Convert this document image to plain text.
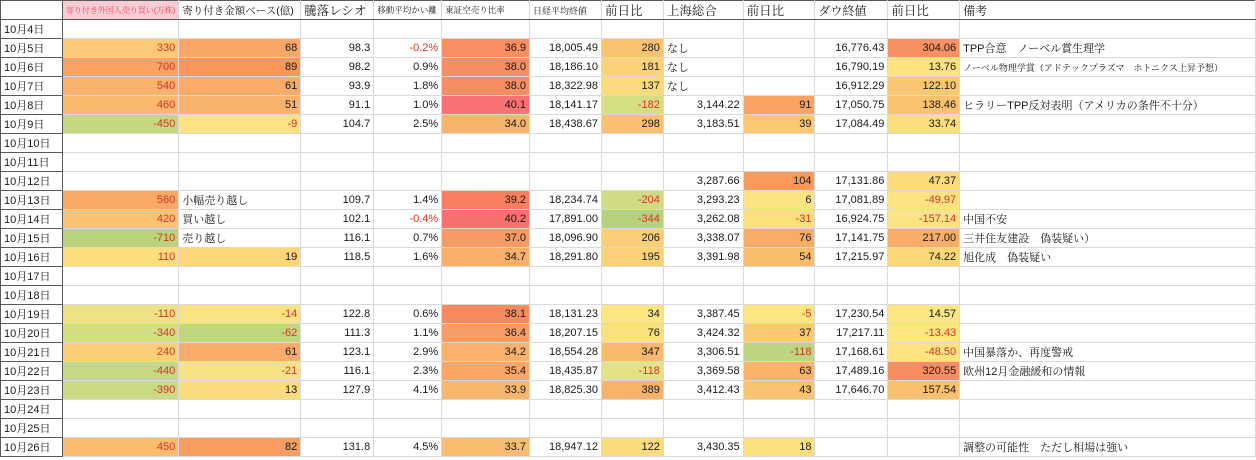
	寄り付き外国人売り買い(万株)	寄り付き金額ベース(億)	騰落レシオ	移動平均かい離	東証空売り比率	日経平均終値	前日比	上海総合	前日比	ダウ終値	前日比	備考
10月4日												
10月5日	330	68	98.3	-0.2%	36.9	18,005.49	280	なし		16,776.43	304.06	TPP合意　ノーベル賞生理学
10月6日	700	89	98.2	0.9%	38.0	18,186.10	181	なし		16,790.19	13.76	ノーベル物理学賞（アドテックプラズマ　ホトニクス上昇予想）
10月7日	540	61	93.9	1.8%	38.0	18,322.98	137	なし		16,912.29	122.10	
10月8日	460	51	91.1	1.0%	40.1	18,141.17	-182	3,144.22	91	17,050.75	138.46	ヒラリーTPP反対表明（アメリカの条件不十分）
10月9日	-450	-9	104.7	2.5%	34.0	18,438.67	298	3,183.51	39	17,084.49	33.74	
10月10日												
10月11日												
10月12日								3,287.66	104	17,131.86	47.37	
10月13日	560	小幅売り越し	109.7	1.4%	39.2	18,234.74	-204	3,293.23	6	17,081.89	-49.97	
10月14日	420	買い越し	102.1	-0.4%	40.2	17,891.00	-344	3,262.08	-31	16,924.75	-157.14	中国不安
10月15日	-710	売り越し	116.1	0.7%	37.0	18,096.90	206	3,338.07	76	17,141.75	217.00	三井住友建設　偽装疑い）
10月16日	110	19	118.5	1.6%	34.7	18,291.80	195	3,391.98	54	17,215.97	74.22	旭化成　偽装疑い
10月17日												
10月18日												
10月19日	-110	-14	122.8	0.6%	38.1	18,131.23	34	3,387.45	-5	17,230.54	14.57	
10月20日	-340	-62	111.3	1.1%	36.4	18,207.15	76	3,424.32	37	17,217.11	-13.43	
10月21日	240	61	123.1	2.9%	34.2	18,554.28	347	3,306.51	-118	17,168.61	-48.50	中国暴落か、再度警戒
10月22日	-440	-21	116.1	2.3%	35.4	18,435.87	-118	3,369.58	63	17,489.16	320.55	欧州12月金融緩和の情報
10月23日	-390	13	127.9	4.1%	33.9	18,825.30	389	3,412.43	43	17,646.70	157.54	
10月24日												
10月25日												
10月26日	450	82	131.8	4.5%	33.7	18,947.12	122	3,430.35	18			調整の可能性　ただし相場は強い
